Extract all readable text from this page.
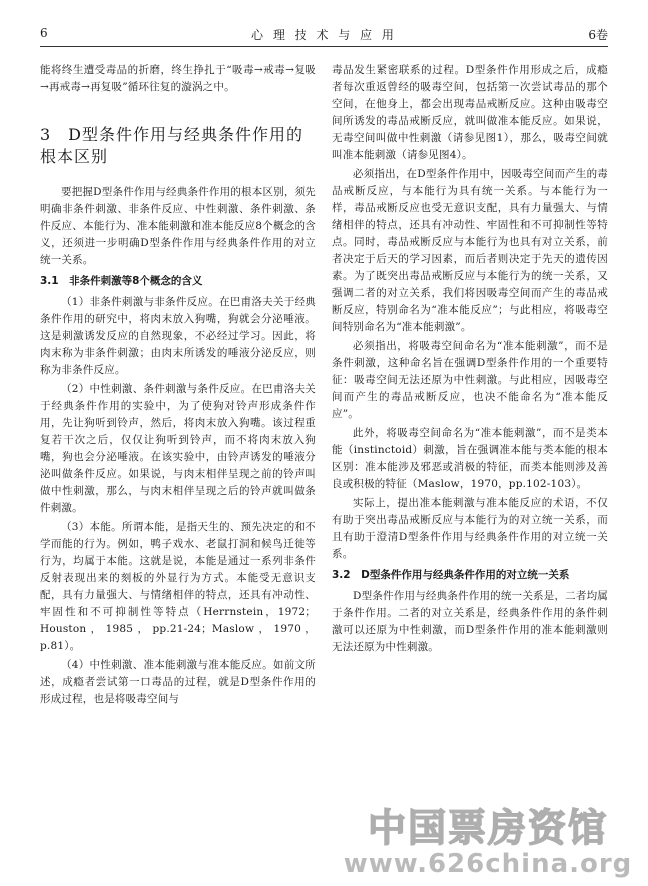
6	心 理 技 术 与 应 用	6卷

能将终生遭受毒品的折磨，终生挣扎于“吸毒→戒毒→复吸→再戒毒→再复吸”循环往复的漩涡之中。

3　D型条件作用与经典条件作用的根本区别

要把握D型条件作用与经典条件作用的根本区别，须先明确非条件刺激、非条件反应、中性刺激、条件刺激、条件反应、本能行为、准本能刺激和准本能反应8个概念的含义，还须进一步明确D型条件作用与经典条件作用的对立统一关系。

3.1　非条件刺激等8个概念的含义

（1）非条件刺激与非条件反应。在巴甫洛夫关于经典条件作用的研究中，将肉末放入狗嘴，狗就会分泌唾液。这是刺激诱发反应的自然现象，不必经过学习。因此，将肉末称为非条件刺激；由肉末所诱发的唾液分泌反应，则称为非条件反应。

（2）中性刺激、条件刺激与条件反应。在巴甫洛夫关于经典条件作用的实验中，为了使狗对铃声形成条件作用，先让狗听到铃声，然后，将肉末放入狗嘴。该过程重复若干次之后，仅仅让狗听到铃声，而不将肉末放入狗嘴，狗也会分泌唾液。在该实验中，由铃声诱发的唾液分泌叫做条件反应。如果说，与肉末相伴呈现之前的铃声叫做中性刺激，那么，与肉末相伴呈现之后的铃声就叫做条件刺激。

（3）本能。所谓本能，是指天生的、预先决定的和不学而能的行为。例如，鸭子戏水、老鼠打洞和候鸟迁徙等行为，均属于本能。这就是说，本能是通过一系列非条件反射表现出来的刻板的外显行为方式。本能受无意识支配，具有力量强大、与情绪相伴的特点，还具有冲动性、牢固性和不可抑制性等特点（Herrnstein，1972；Houston，1985，pp.21-24；Maslow，1970，p.81）。

（4）中性刺激、准本能刺激与准本能反应。如前文所述，成瘾者尝试第一口毒品的过程，就是D型条件作用的形成过程，也是将吸毒空间与

毒品发生紧密联系的过程。D型条件作用形成之后，成瘾者每次重返曾经的吸毒空间，包括第一次尝试毒品的那个空间，在他身上，都会出现毒品戒断反应。这种由吸毒空间所诱发的毒品戒断反应，就叫做准本能反应。如果说，无毒空间叫做中性刺激（请参见图1），那么，吸毒空间就叫准本能刺激（请参见图4）。

必须指出，在D型条件作用中，因吸毒空间而产生的毒品戒断反应，与本能行为具有统一关系。与本能行为一样，毒品戒断反应也受无意识支配，具有力量强大、与情绪相伴的特点，还具有冲动性、牢固性和不可抑制性等特点。同时，毒品戒断反应与本能行为也具有对立关系，前者决定于后天的学习因素，而后者则决定于先天的遗传因素。为了既突出毒品戒断反应与本能行为的统一关系，又强调二者的对立关系，我们将因吸毒空间而产生的毒品戒断反应，特别命名为“准本能反应”；与此相应，将吸毒空间特别命名为“准本能刺激”。

必须指出，将吸毒空间命名为“准本能刺激”，而不是条件刺激，这种命名旨在强调D型条件作用的一个重要特征：吸毒空间无法还原为中性刺激。与此相应，因吸毒空间而产生的毒品戒断反应，也决不能命名为“准本能反应”。

此外，将吸毒空间命名为“准本能刺激”，而不是类本能（instinctoid）刺激，旨在强调准本能与类本能的根本区别：准本能涉及邪恶或消极的特征，而类本能则涉及善良或积极的特征（Maslow，1970，pp.102-103）。

实际上，提出准本能刺激与准本能反应的术语，不仅有助于突出毒品戒断反应与本能行为的对立统一关系，而且有助于澄清D型条件作用与经典条件作用的对立统一关系。

3.2　D型条件作用与经典条件作用的对立统一关系

D型条件作用与经典条件作用的统一关系是，二者均属于条件作用。二者的对立关系是，经典条件作用的条件刺激可以还原为中性刺激，而D型条件作用的准本能刺激则无法还原为中性刺激。

中国票房资馆
www.626china.org
